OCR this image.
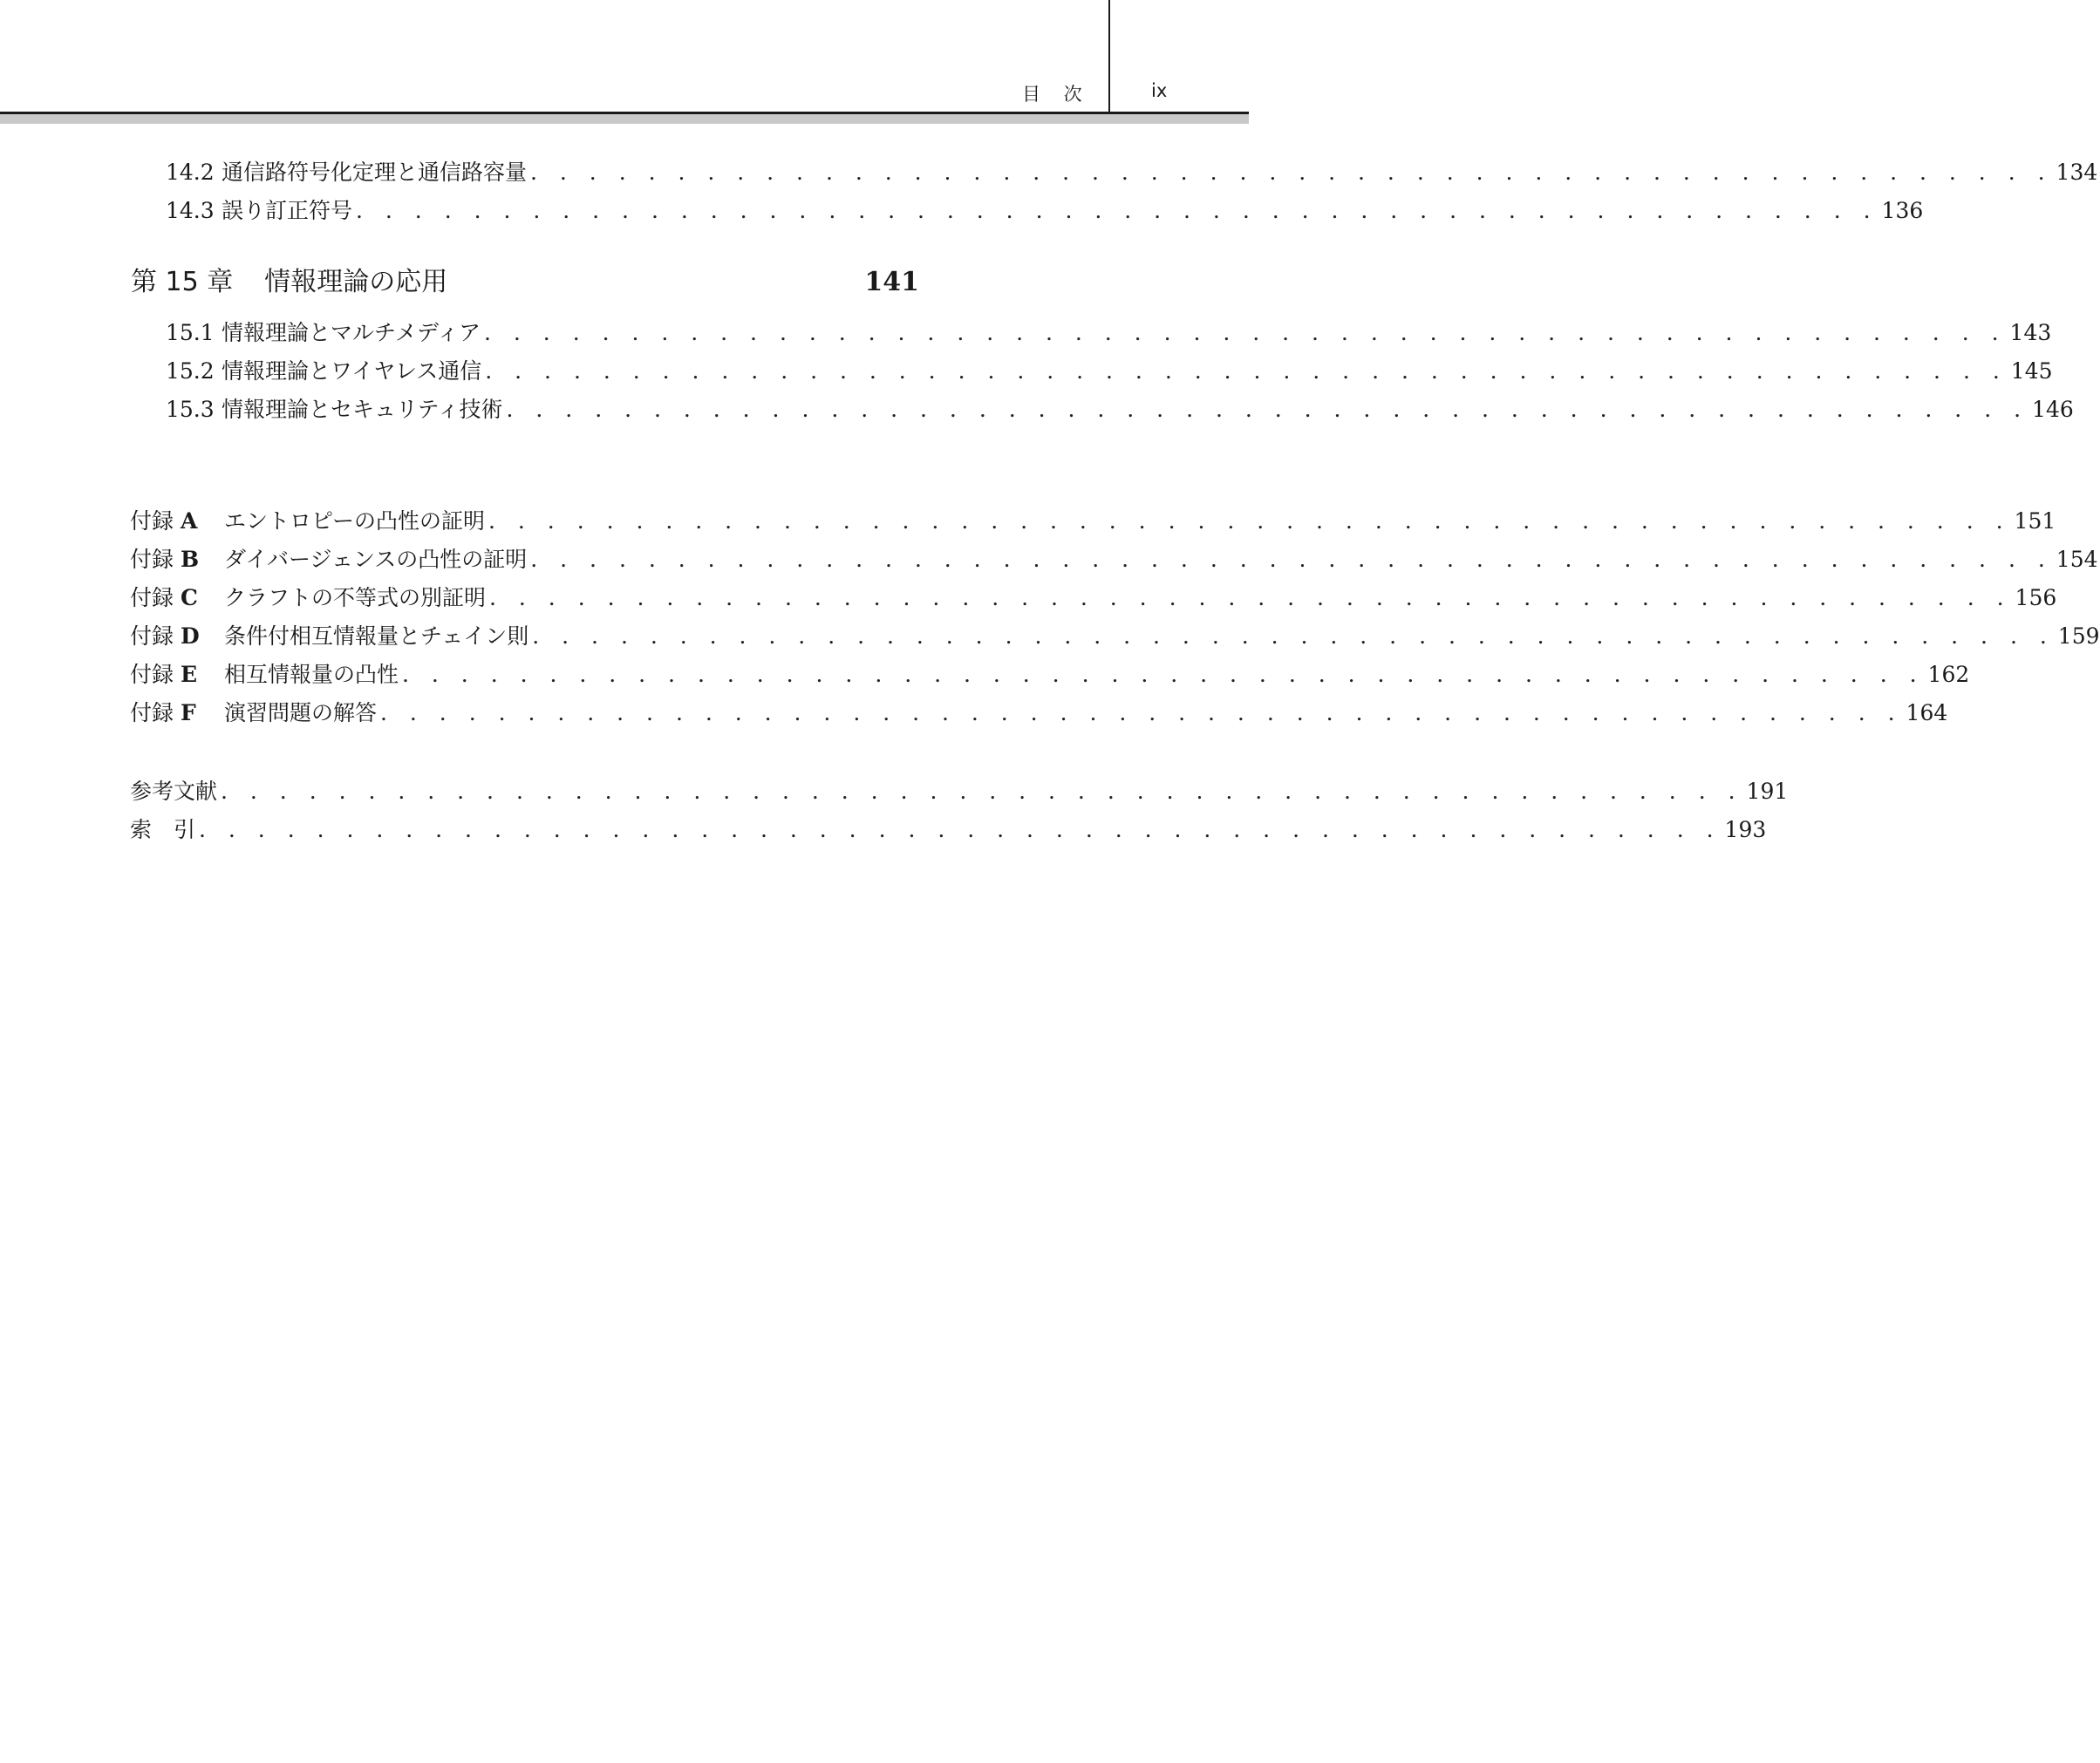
目 次	ix
14.2 通信路符号化定理と通信路容量 . . . . . . . . . . . . . . . . . . . . . . . . . . . . . . . . . . . . . . . . . . . . . . . . . . . . 134
14.3 誤り訂正符号 . . . . . . . . . . . . . . . . . . . . . . . . . . . . . . . . . . . . . . . . . . . . . . . . . . . . 136
第 15 章 情報理論の応用	141
15.1 情報理論とマルチメディア . . . . . . . . . . . . . . . . . . . . . . . . . . . . . . . . . . . . . . . . . . . . . . . . . . . . 143
15.2 情報理論とワイヤレス通信 . . . . . . . . . . . . . . . . . . . . . . . . . . . . . . . . . . . . . . . . . . . . . . . . . . . . 145
15.3 情報理論とセキュリティ技術 . . . . . . . . . . . . . . . . . . . . . . . . . . . . . . . . . . . . . . . . . . . . . . . . . . . . 146
付録 A	エントロピーの凸性の証明 . . . . . . . . . . . . . . . . . . . . . . . . . . . . . . . . . . . . . . . . . . . . . . . . . . . . 151
付録 B	ダイバージェンスの凸性の証明 . . . . . . . . . . . . . . . . . . . . . . . . . . . . . . . . . . . . . . . . . . . . . . . . . . . . 154
付録 C	クラフトの不等式の別証明 . . . . . . . . . . . . . . . . . . . . . . . . . . . . . . . . . . . . . . . . . . . . . . . . . . . . 156
付録 D	条件付相互情報量とチェイン則 . . . . . . . . . . . . . . . . . . . . . . . . . . . . . . . . . . . . . . . . . . . . . . . . . . . . 159
付録 E	相互情報量の凸性 . . . . . . . . . . . . . . . . . . . . . . . . . . . . . . . . . . . . . . . . . . . . . . . . . . . . 162
付録 F	演習問題の解答 . . . . . . . . . . . . . . . . . . . . . . . . . . . . . . . . . . . . . . . . . . . . . . . . . . . . 164
参考文献 . . . . . . . . . . . . . . . . . . . . . . . . . . . . . . . . . . . . . . . . . . . . . . . . . . . . 191
索　引 . . . . . . . . . . . . . . . . . . . . . . . . . . . . . . . . . . . . . . . . . . . . . . . . . . . . 193
